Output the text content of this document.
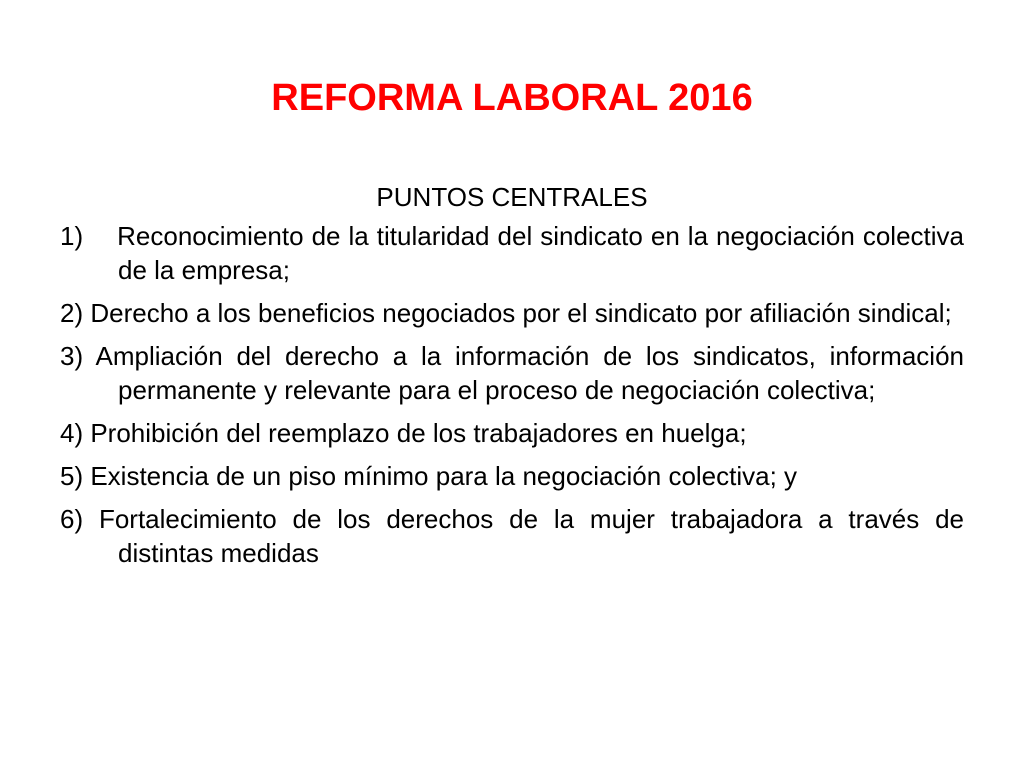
REFORMA LABORAL 2016
PUNTOS CENTRALES
1)  Reconocimiento de la titularidad del sindicato en la negociación colectiva de la empresa;
2) Derecho a los beneficios negociados por el sindicato por afiliación sindical;
3) Ampliación del derecho a la información de los sindicatos, información permanente y relevante para el proceso de negociación colectiva;
4) Prohibición del reemplazo de los trabajadores en huelga;
5) Existencia de un piso mínimo para la negociación colectiva; y
6) Fortalecimiento de los derechos de la mujer trabajadora a través de distintas medidas
